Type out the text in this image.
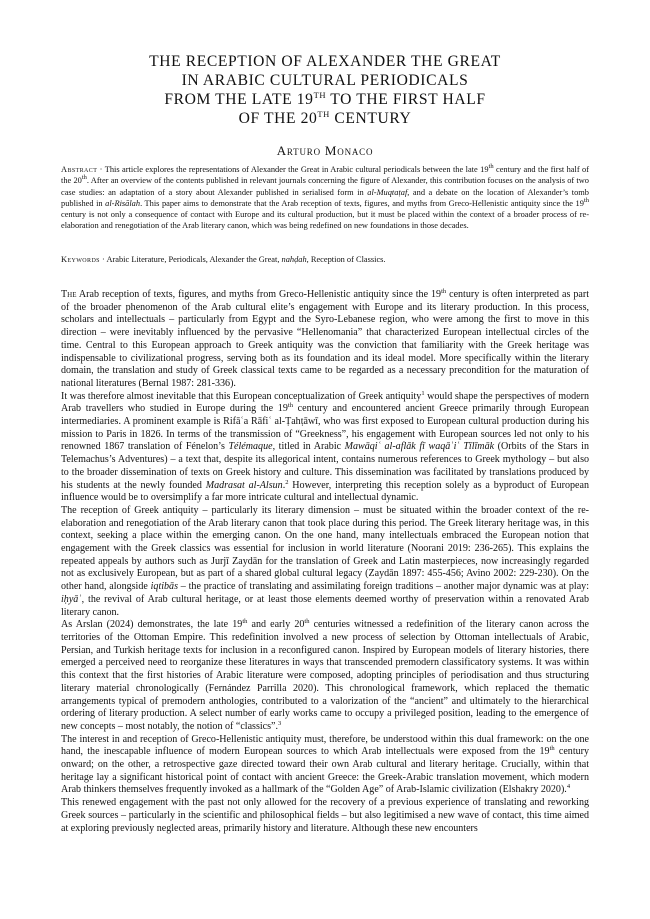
THE RECEPTION OF ALEXANDER THE GREAT
IN ARABIC CULTURAL PERIODICALS
FROM THE LATE 19TH TO THE FIRST HALF
OF THE 20TH CENTURY
Arturo Monaco
Abstract · This article explores the representations of Alexander the Great in Arabic cultural periodicals between the late 19th century and the first half of the 20th. After an overview of the contents published in relevant journals concerning the figure of Alexander, this contribution focuses on the analysis of two case studies: an adaptation of a story about Alexander published in serialised form in al-Muqtaṭaf, and a debate on the location of Alexander’s tomb published in al-Risālah. This paper aims to demonstrate that the Arab reception of texts, figures, and myths from Greco-Hellenistic antiquity since the 19th century is not only a consequence of contact with Europe and its cultural production, but it must be placed within the context of a broader process of re-elaboration and renegotiation of the Arab literary canon, which was being redefined on new foundations in those decades.
Keywords · Arabic Literature, Periodicals, Alexander the Great, nahḍah, Reception of Classics.

The Arab reception of texts, figures, and myths from Greco-Hellenistic antiquity since the 19th century is often interpreted as part of the broader phenomenon of the Arab cultural elite’s engagement with Europe and its literary production. In this process, scholars and intellectuals – particularly from Egypt and the Syro-Lebanese region, who were among the first to move in this direction – were inevitably influenced by the pervasive “Hellenomania” that characterized European intellectual circles of the time. Central to this European approach to Greek antiquity was the conviction that familiarity with the Greek heritage was indispensable to civilizational progress, serving both as its foundation and its ideal model. More specifically within the literary domain, the translation and study of Greek classical texts came to be regarded as a necessary precondition for the maturation of national literatures (Bernal 1987: 281-336).

It was therefore almost inevitable that this European conceptualization of Greek antiquity$^1$ would shape the perspectives of modern Arab travellers who studied in Europe during the 19th century and encountered ancient Greece primarily through European intermediaries. A prominent example is Rifāʿa Rāfiʿ al-Ṭahṭāwī, who was first exposed to European cultural production during his mission to Paris in 1826. In terms of the transmission of “Greekness”, his engagement with European sources led not only to his renowned 1867 translation of Fénelon’s Télémaque, titled in Arabic Mawāqiʿ al-aflāk fī waqāʾiʿ Tīlīmāk (Orbits of the Stars in Telemachus’s Adventures) – a text that, despite its allegorical intent, contains numerous references to Greek mythology – but also to the broader dissemination of texts on Greek history and culture. This dissemination was facilitated by translations produced by his students at the newly founded Madrasat al-Alsun.$^2$ However, interpreting this reception solely as a byproduct of European influence would be to oversimplify a far more intricate cultural and intellectual dynamic.

The reception of Greek antiquity – particularly its literary dimension – must be situated within the broader context of the re-elaboration and renegotiation of the Arab literary canon that took place during this period. The Greek literary heritage was, in this context, seeking a place within the emerging canon. On the one hand, many intellectuals embraced the European notion that engagement with the Greek classics was essential for inclusion in world literature (Noorani 2019: 236-265). This explains the repeated appeals by authors such as Jurjī Zaydān for the translation of Greek and Latin masterpieces, now increasingly regarded not as exclusively European, but as part of a shared global cultural legacy (Zaydān 1897: 455-456; Avino 2002: 229-230). On the other hand, alongside iqtibās – the practice of translating and assimilating foreign traditions – another major dynamic was at play: iḥyāʾ, the revival of Arab cultural heritage, or at least those elements deemed worthy of preservation within a renovated Arab literary canon.

As Arslan (2024) demonstrates, the late 19th and early 20th centuries witnessed a redefinition of the literary canon across the territories of the Ottoman Empire. This redefinition involved a new process of selection by Ottoman intellectuals of Arabic, Persian, and Turkish heritage texts for inclusion in a reconfigured canon. Inspired by European models of literary histories, there emerged a perceived need to reorganize these literatures in ways that transcended premodern classificatory systems. It was within this context that the first histories of Arabic literature were composed, adopting principles of periodisation and thus structuring literary material chronologically (Fernández Parrilla 2020). This chronological framework, which replaced the thematic arrangements typical of premodern anthologies, contributed to a valorization of the “ancient” and ultimately to the hierarchical ordering of literary production. A select number of early works came to occupy a privileged position, leading to the emergence of new concepts – most notably, the notion of “classics”.$^3$

The interest in and reception of Greco-Hellenistic antiquity must, therefore, be understood within this dual framework: on the one hand, the inescapable influence of modern European sources to which Arab intellectuals were exposed from the 19th century onward; on the other, a retrospective gaze directed toward their own Arab cultural and literary heritage. Crucially, within that heritage lay a significant historical point of contact with ancient Greece: the Greek-Arabic translation movement, which modern Arab thinkers themselves frequently invoked as a hallmark of the “Golden Age” of Arab-Islamic civilization (Elshakry 2020).$^4$

This renewed engagement with the past not only allowed for the recovery of a previous experience of translating and reworking Greek sources – particularly in the scientific and philosophical fields – but also legitimised a new wave of contact, this time aimed at exploring previously neglected areas, primarily history and literature. Although these new encounters
